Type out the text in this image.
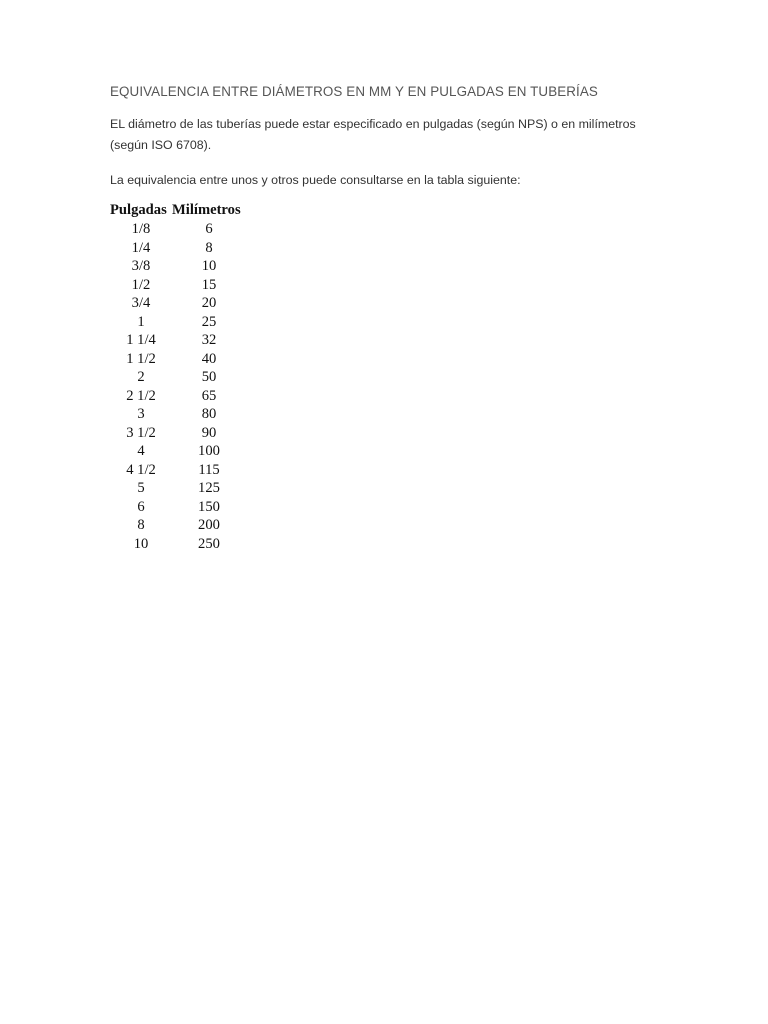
EQUIVALENCIA ENTRE DIÁMETROS EN MM Y EN PULGADAS EN TUBERÍAS

EL diámetro de las tuberías puede estar especificado en pulgadas (según NPS) o en milímetros (según ISO 6708).

La equivalencia entre unos y otros puede consultarse en la tabla siguiente:

Pulgadas	Milímetros
1/8	6
1/4	8
3/8	10
1/2	15
3/4	20
1	25
1 1/4	32
1 1/2	40
2	50
2 1/2	65
3	80
3 1/2	90
4	100
4 1/2	115
5	125
6	150
8	200
10	250
